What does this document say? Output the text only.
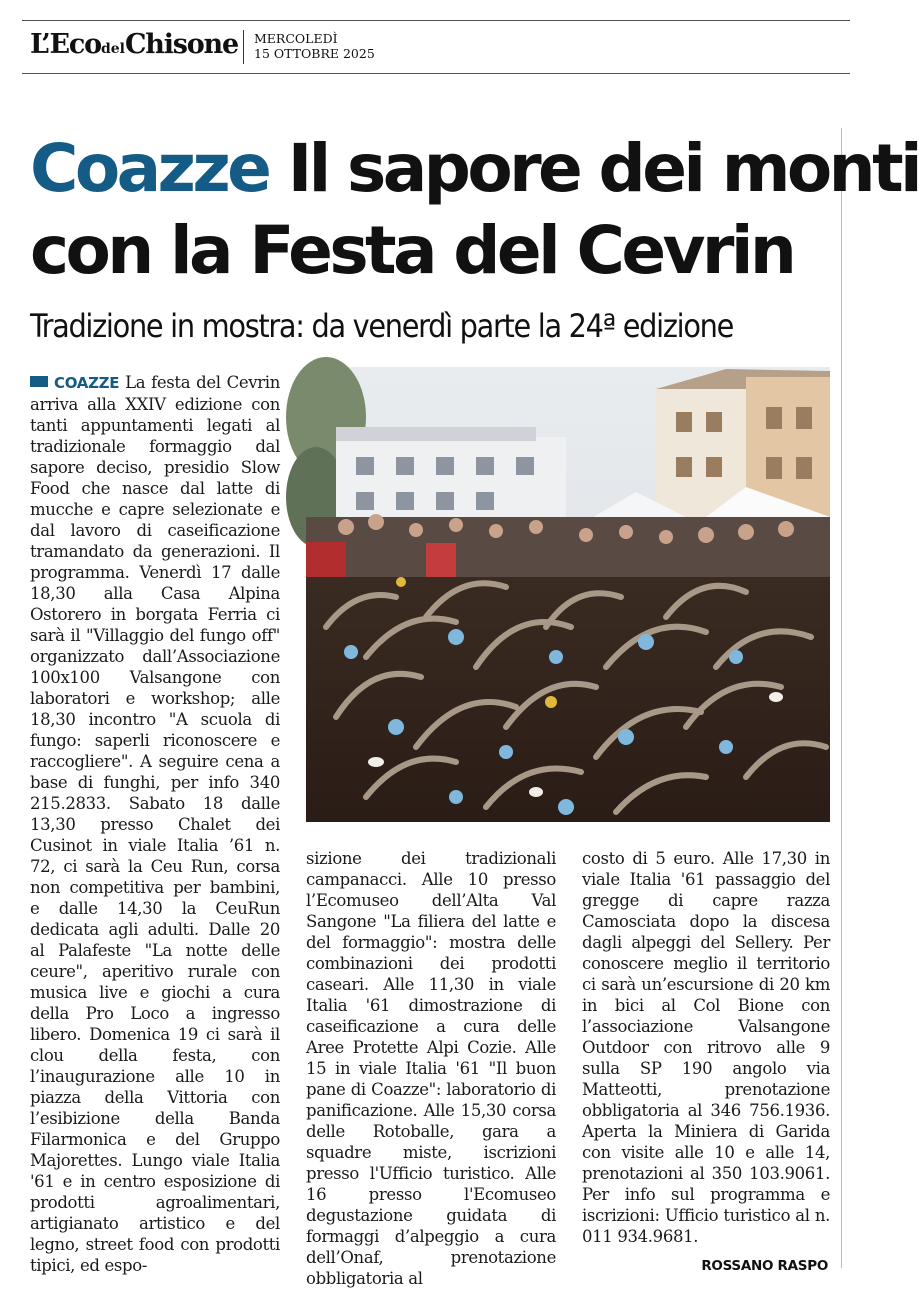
L’EcodelChisone MERCOLEDÌ
15 OTTOBRE 2025
Coazze Il sapore dei monti
con la Festa del Cevrin
Tradizione in mostra: da venerdì parte la 24ª edizione

COAZZE La festa del Cevrin arriva alla XXIV edizione con tanti appuntamenti legati al tradizionale formaggio dal sapore deciso, presidio Slow Food che nasce dal latte di mucche e capre selezionate e dal lavoro di caseificazione tramandato da generazioni. Il programma. Venerdì 17 dalle 18,30 alla Casa Alpina Ostorero in borgata Ferria ci sarà il "Villaggio del fungo off" organizzato dall’Associazione 100x100 Valsangone con laboratori e workshop; alle 18,30 incontro "A scuola di fungo: saperli riconoscere e raccogliere". A seguire cena a base di funghi, per info 340 215.2833. Sabato 18 dalle 13,30 presso Chalet dei Cusinot in viale Italia ’61 n. 72, ci sarà la Ceu Run, corsa non competitiva per bambini, e dalle 14,30 la CeuRun dedicata agli adulti. Dalle 20 al Palafeste "La notte delle ceure", aperitivo rurale con musica live e giochi a cura della Pro Loco a ingresso libero. Domenica 19 ci sarà il clou della festa, con l’inaugurazione alle 10 in piazza della Vittoria con l’esibizione della Banda Filarmonica e del Gruppo Majorettes. Lungo viale Italia '61 e in centro esposizione di prodotti agroalimentari, artigianato artistico e del legno, street food con prodotti tipici, ed espo-

sizione dei tradizionali campanacci. Alle 10 presso l’Ecomuseo dell’Alta Val Sangone "La filiera del latte e del formaggio": mostra delle combinazioni dei prodotti caseari. Alle 11,30 in viale Italia '61 dimostrazione di caseificazione a cura delle Aree Protette Alpi Cozie. Alle 15 in viale Italia '61 "Il buon pane di Coazze": laboratorio di panificazione. Alle 15,30 corsa delle Rotoballe, gara a squadre miste, iscrizioni presso l'Ufficio turistico. Alle 16 presso l'Ecomuseo degustazione guidata di formaggi d’alpeggio a cura dell’Onaf, prenotazione obbligatoria al

costo di 5 euro. Alle 17,30 in viale Italia '61 passaggio del gregge di capre razza Camosciata dopo la discesa dagli alpeggi del Sellery. Per conoscere meglio il territorio ci sarà un’escursione di 20 km in bici al Col Bione con l’associazione Valsangone Outdoor con ritrovo alle 9 sulla SP 190 angolo via Matteotti, prenotazione obbligatoria al 346 756.1936. Aperta la Miniera di Garida con visite alle 10 e alle 14, prenotazioni al 350 103.9061. Per info sul programma e iscrizioni: Ufficio turistico al n. 011 934.9681.

ROSSANO RASPO
